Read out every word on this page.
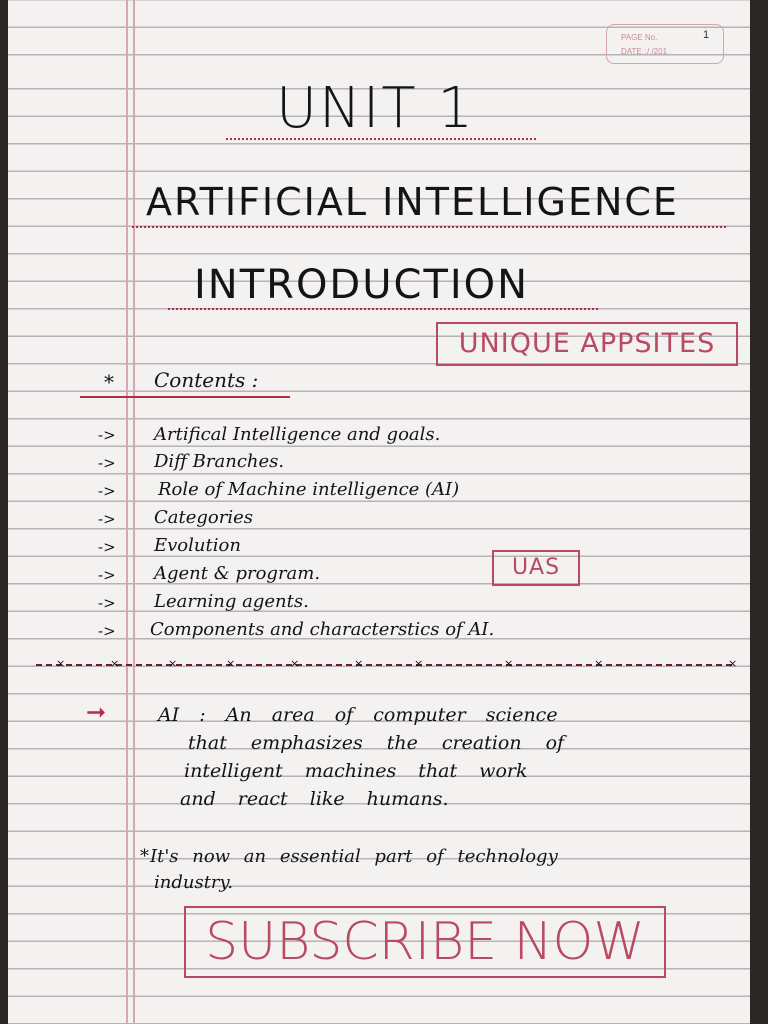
PAGE No.	1
DATE : / /201
UNIT 1
ARTIFICIAL INTELLIGENCE
INTRODUCTION
UNIQUE APPSITES
* Contents :
-> Artifical Intelligence and goals.
-> Diff Branches.
-> Role of Machine intelligence (AI)
-> Categories
-> Evolution
-> Agent & program.
-> Learning agents.
-> Components and characterstics of AI.
UAS
×	×	×	×	×	×	×	×	×	×
➞	AI : An area of computer science
that emphasizes the creation of
intelligent machines that work
and react like humans.
* It's now an essential part of technology
industry.
SUBSCRIBE NOW
